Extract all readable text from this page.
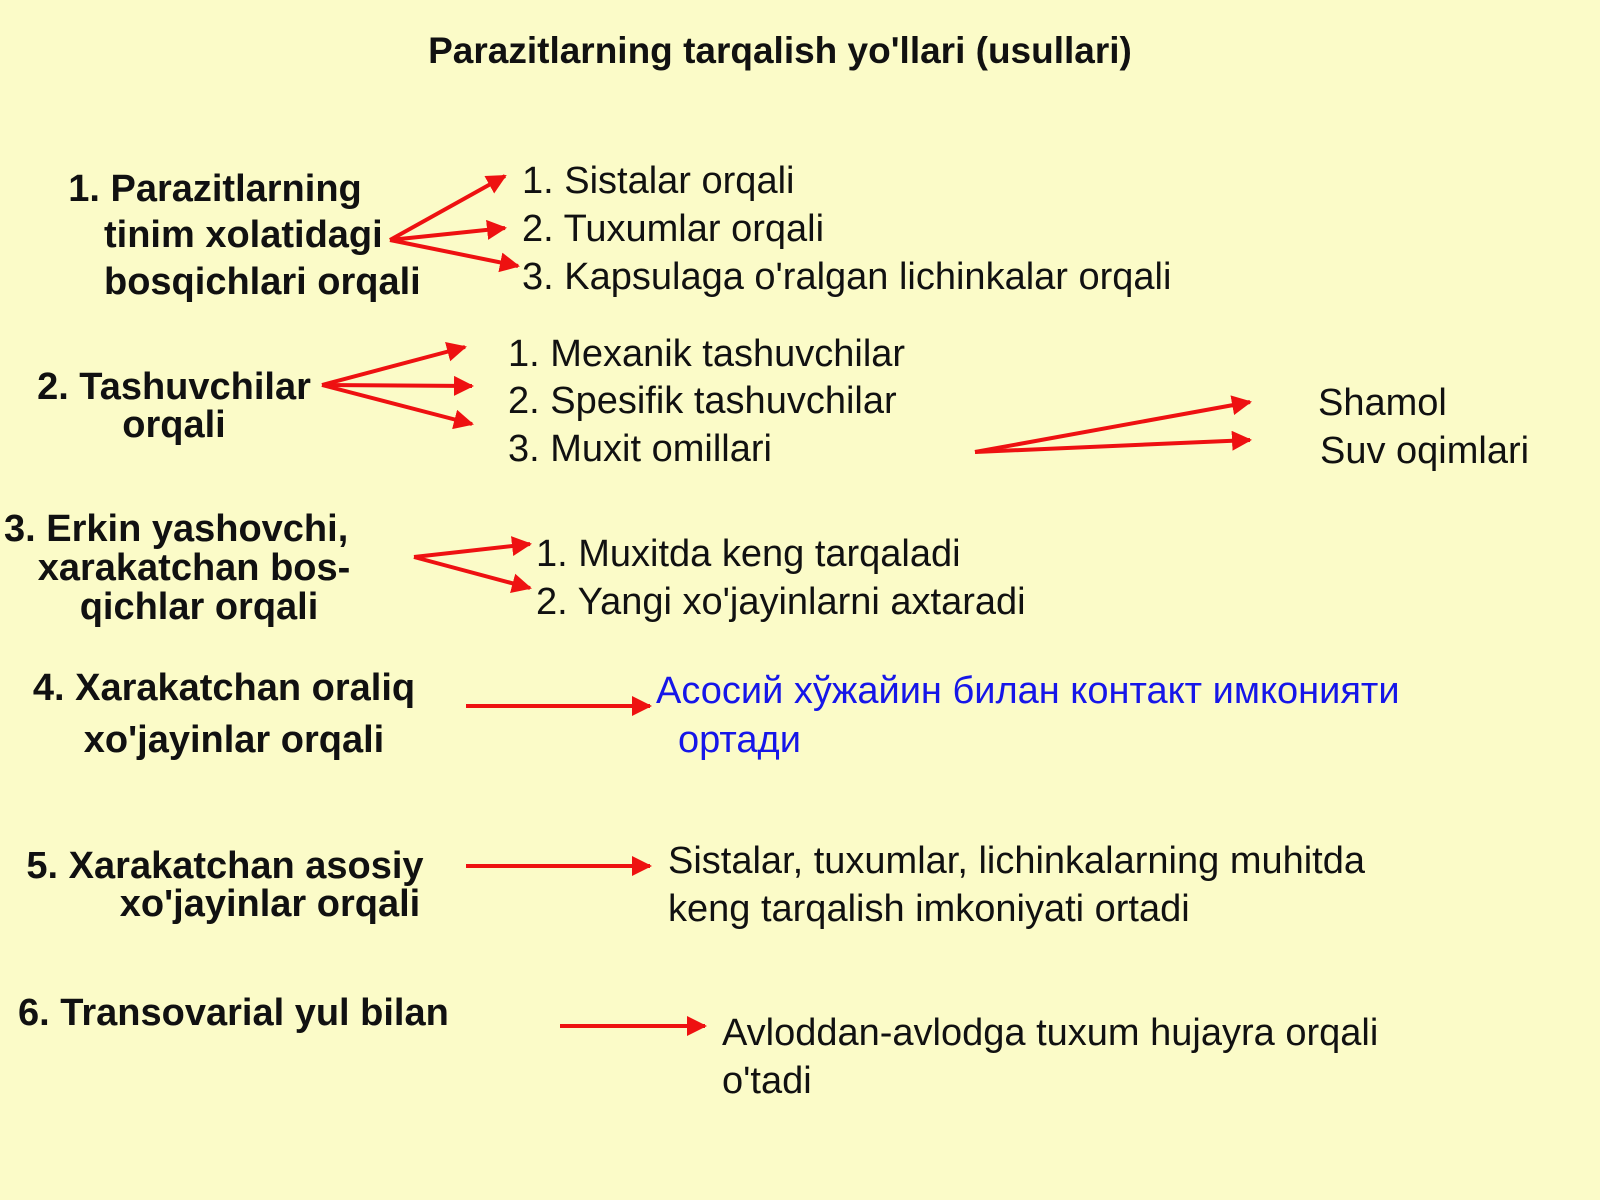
Parazitlarning tarqalish yo'llari (usullari)
1. Parazitlarning
tinim xolatidagi
bosqichlari orqali
1. Sistalar orqali
2. Tuxumlar orqali
3. Kapsulaga o'ralgan lichinkalar orqali
2. Tashuvchilar
orqali
1. Mexanik tashuvchilar
2. Spesifik tashuvchilar
3. Muxit omillari
Shamol
Suv oqimlari
3. Erkin yashovchi,
xarakatchan bos-
qichlar orqali
1. Muxitda keng tarqaladi
2. Yangi xo'jayinlarni axtaradi
4. Xarakatchan oraliq
xo'jayinlar orqali
Асосий хўжайин билан контакт имконияти
ортади
5. Xarakatchan asosiy
xo'jayinlar orqali
Sistalar, tuxumlar, lichinkalarning muhitda
keng tarqalish imkoniyati ortadi
6. Transovarial yul bilan	Avloddan-avlodga tuxum hujayra orqali
o'tadi
